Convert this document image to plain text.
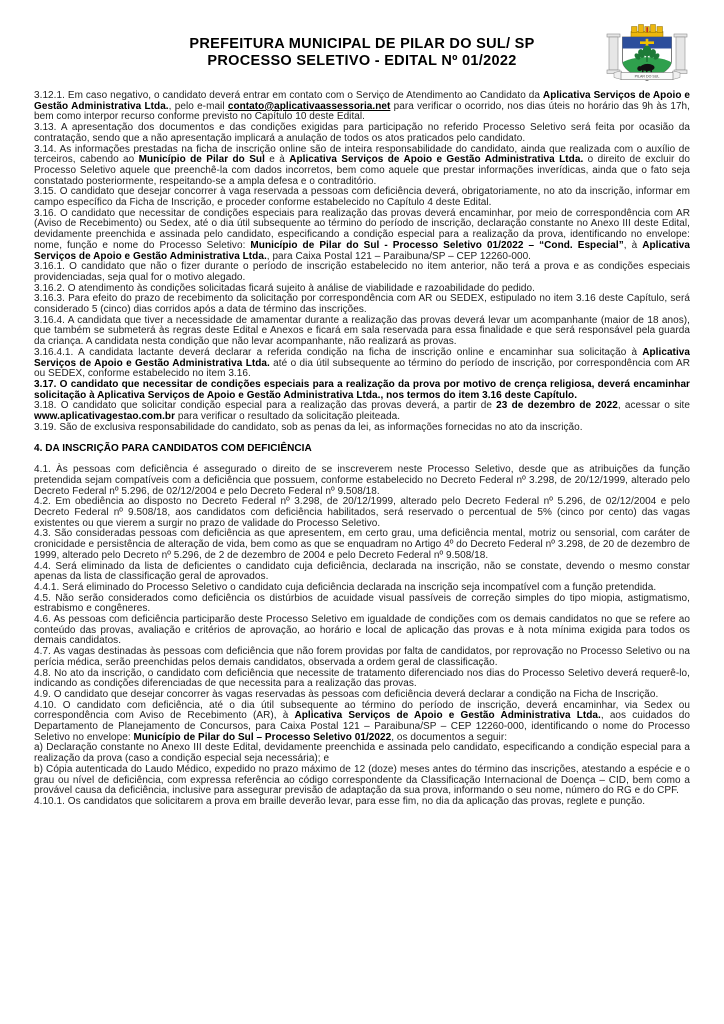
PREFEITURA MUNICIPAL DE PILAR DO SUL/ SP
PROCESSO SELETIVO - EDITAL Nº 01/2022
PILAR DO SUL

3.12.1. Em caso negativo, o candidato deverá entrar em contato com o Serviço de Atendimento ao Candidato da Aplicativa Serviços de Apoio e Gestão Administrativa Ltda., pelo e-mail contato@aplicativaassessoria.net para verificar o ocorrido, nos dias úteis no horário das 9h às 17h, bem como interpor recurso conforme previsto no Capítulo 10 deste Edital.

3.13. A apresentação dos documentos e das condições exigidas para participação no referido Processo Seletivo será feita por ocasião da contratação, sendo que a não apresentação implicará a anulação de todos os atos praticados pelo candidato.

3.14. As informações prestadas na ficha de inscrição online são de inteira responsabilidade do candidato, ainda que realizada com o auxílio de terceiros, cabendo ao Município de Pilar do Sul e à Aplicativa Serviços de Apoio e Gestão Administrativa Ltda. o direito de excluir do Processo Seletivo aquele que preenchê-la com dados incorretos, bem como aquele que prestar informações inverídicas, ainda que o fato seja constatado posteriormente, respeitando-se a ampla defesa e o contraditório.

3.15. O candidato que desejar concorrer à vaga reservada a pessoas com deficiência deverá, obrigatoriamente, no ato da inscrição, informar em campo específico da Ficha de Inscrição, e proceder conforme estabelecido no Capítulo 4 deste Edital.

3.16. O candidato que necessitar de condições especiais para realização das provas deverá encaminhar, por meio de correspondência com AR (Aviso de Recebimento) ou Sedex, até o dia útil subsequente ao término do período de inscrição, declaração constante no Anexo III deste Edital, devidamente preenchida e assinada pelo candidato, especificando a condição especial para a realização da prova, identificando no envelope: nome, função e nome do Processo Seletivo: Município de Pilar do Sul - Processo Seletivo 01/2022 – “Cond. Especial”, à Aplicativa Serviços de Apoio e Gestão Administrativa Ltda., para Caixa Postal 121 – Paraibuna/SP – CEP 12260-000.

3.16.1. O candidato que não o fizer durante o período de inscrição estabelecido no item anterior, não terá a prova e as condições especiais providenciadas, seja qual for o motivo alegado.

3.16.2. O atendimento às condições solicitadas ficará sujeito à análise de viabilidade e razoabilidade do pedido.

3.16.3. Para efeito do prazo de recebimento da solicitação por correspondência com AR ou SEDEX, estipulado no item 3.16 deste Capítulo, será considerado 5 (cinco) dias corridos após a data de término das inscrições.

3.16.4. A candidata que tiver a necessidade de amamentar durante a realização das provas deverá levar um acompanhante (maior de 18 anos), que também se submeterá às regras deste Edital e Anexos e ficará em sala reservada para essa finalidade e que será responsável pela guarda da criança. A candidata nesta condição que não levar acompanhante, não realizará as provas.

3.16.4.1. A candidata lactante deverá declarar a referida condição na ficha de inscrição online e encaminhar sua solicitação à Aplicativa Serviços de Apoio e Gestão Administrativa Ltda. até o dia útil subsequente ao término do período de inscrição, por correspondência com AR ou SEDEX, conforme estabelecido no item 3.16.

3.17. O candidato que necessitar de condições especiais para a realização da prova por motivo de crença religiosa, deverá encaminhar solicitação à Aplicativa Serviços de Apoio e Gestão Administrativa Ltda., nos termos do item 3.16 deste Capítulo.

3.18. O candidato que solicitar condição especial para a realização das provas deverá, a partir de 23 de dezembro de 2022, acessar o site www.aplicativagestao.com.br para verificar o resultado da solicitação pleiteada.

3.19. São de exclusiva responsabilidade do candidato, sob as penas da lei, as informações fornecidas no ato da inscrição.

4. DA INSCRIÇÃO PARA CANDIDATOS COM DEFICIÊNCIA

4.1. Às pessoas com deficiência é assegurado o direito de se inscreverem neste Processo Seletivo, desde que as atribuições da função pretendida sejam compatíveis com a deficiência que possuem, conforme estabelecido no Decreto Federal nº 3.298, de 20/12/1999, alterado pelo Decreto Federal nº 5.296, de 02/12/2004 e pelo Decreto Federal nº 9.508/18.

4.2. Em obediência ao disposto no Decreto Federal nº 3.298, de 20/12/1999, alterado pelo Decreto Federal nº 5.296, de 02/12/2004 e pelo Decreto Federal nº 9.508/18, aos candidatos com deficiência habilitados, será reservado o percentual de 5% (cinco por cento) das vagas existentes ou que vierem a surgir no prazo de validade do Processo Seletivo.

4.3. São consideradas pessoas com deficiência as que apresentem, em certo grau, uma deficiência mental, motriz ou sensorial, com caráter de cronicidade e persistência de alteração de vida, bem como as que se enquadram no Artigo 4º do Decreto Federal nº 3.298, de 20 de dezembro de 1999, alterado pelo Decreto nº 5.296, de 2 de dezembro de 2004 e pelo Decreto Federal nº 9.508/18.

4.4. Será eliminado da lista de deficientes o candidato cuja deficiência, declarada na inscrição, não se constate, devendo o mesmo constar apenas da lista de classificação geral de aprovados.

4.4.1. Será eliminado do Processo Seletivo o candidato cuja deficiência declarada na inscrição seja incompatível com a função pretendida.

4.5. Não serão considerados como deficiência os distúrbios de acuidade visual passíveis de correção simples do tipo miopia, astigmatismo, estrabismo e congêneres.

4.6. As pessoas com deficiência participarão deste Processo Seletivo em igualdade de condições com os demais candidatos no que se refere ao conteúdo das provas, avaliação e critérios de aprovação, ao horário e local de aplicação das provas e à nota mínima exigida para todos os demais candidatos.

4.7. As vagas destinadas às pessoas com deficiência que não forem providas por falta de candidatos, por reprovação no Processo Seletivo ou na perícia médica, serão preenchidas pelos demais candidatos, observada a ordem geral de classificação.

4.8. No ato da inscrição, o candidato com deficiência que necessite de tratamento diferenciado nos dias do Processo Seletivo deverá requerê-lo, indicando as condições diferenciadas de que necessita para a realização das provas.

4.9. O candidato que desejar concorrer às vagas reservadas às pessoas com deficiência deverá declarar a condição na Ficha de Inscrição.

4.10. O candidato com deficiência, até o dia útil subsequente ao término do período de inscrição, deverá encaminhar, via Sedex ou correspondência com Aviso de Recebimento (AR), à Aplicativa Serviços de Apoio e Gestão Administrativa Ltda., aos cuidados do Departamento de Planejamento de Concursos, para Caixa Postal 121 – Paraibuna/SP – CEP 12260-000, identificando o nome do Processo Seletivo no envelope: Município de Pilar do Sul – Processo Seletivo 01/2022, os documentos a seguir:

a) Declaração constante no Anexo III deste Edital, devidamente preenchida e assinada pelo candidato, especificando a condição especial para a realização da prova (caso a condição especial seja necessária); e

b) Cópia autenticada do Laudo Médico, expedido no prazo máximo de 12 (doze) meses antes do término das inscrições, atestando a espécie e o grau ou nível de deficiência, com expressa referência ao código correspondente da Classificação Internacional de Doença – CID, bem como a provável causa da deficiência, inclusive para assegurar previsão de adaptação da sua prova, informando o seu nome, número do RG e do CPF.

4.10.1. Os candidatos que solicitarem a prova em braille deverão levar, para esse fim, no dia da aplicação das provas, reglete e punção.
